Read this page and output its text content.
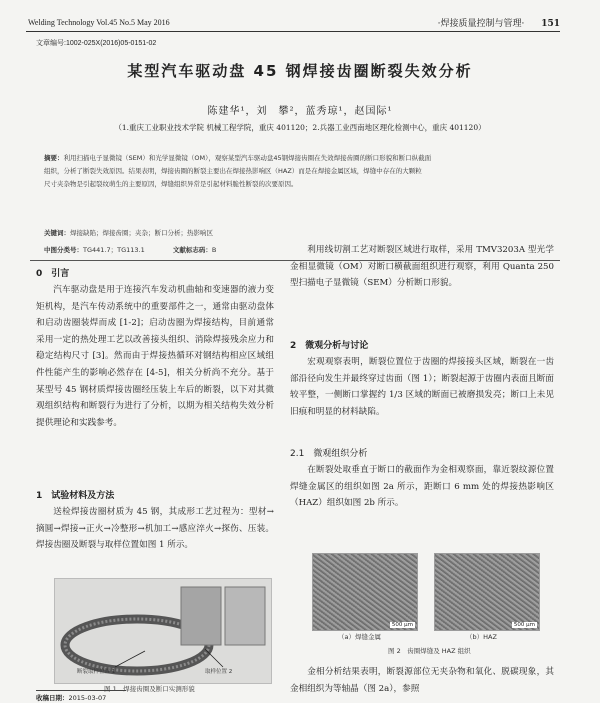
Welding Technology Vol.45 No.5 May 2016	·焊接质量控制与管理· 151
文章编号:1002-025X(2016)05-0151-02
某型汽车驱动盘 45 钢焊接齿圈断裂失效分析
陈建华¹，刘　攀²，蓝秀琼¹，赵国际¹
（1.重庆工业职业技术学院 机械工程学院，重庆 401120；2.兵器工业西南地区理化检测中心，重庆 401120）
摘要：利用扫描电子显微镜（SEM）和光学显微镜（OM），观察某型汽车驱动盘45钢焊接齿圈在失效焊接齿圈的断口形貌和断口纵截面
组织，分析了断裂失效原因。结果表明，焊接齿圈的断裂主要出在焊接热影响区（HAZ）而是在焊接金属区域，焊缝中存在的大颗粒
尺寸夹杂物是引起裂纹萌生的主要原因，焊缝组织异常是引起材料脆性断裂的次要原因。
关键词：焊接缺陷；焊接齿圈；夹杂；断口分析；热影响区
中图分类号：TG441.7；TG113.1	文献标志码：B
0　引言

汽车驱动盘是用于连接汽车发动机曲轴和变速器的液力变矩机构，是汽车传动系统中的重要部件之一，通常由驱动盘体和启动齿圈装焊而成 [1-2]；启动齿圈为焊接结构，目前通常采用一定的热处理工艺以改善接头组织、消除焊接残余应力和稳定结构尺寸 [3]。然而由于焊接热循环对钢结构相应区域组件性能产生的影响必然存在 [4-5]，相关分析尚不充分。基于某型号 45 钢材质焊接齿圈经压装上车后的断裂，以下对其微观组织结构和断裂行为进行了分析，以期为相关结构失效分析提供理论和实践参考。

1　试验材料及方法

送检焊接齿圈材质为 45 钢，其成形工艺过程为：型材→摘圆→焊接→正火→冷整形→机加工→感应淬火→探伤、压装。焊接齿圈及断裂与取样位置如图 1 所示。

断裂取样位置 1	取样位置 2
图 1　焊接齿圈及断口实测形貌
收稿日期：2015-03-07

利用线切割工艺对断裂区域进行取样，采用 TMV3203A 型光学金相显微镜（OM）对断口横截面组织进行观察，利用 Quanta 250 型扫描电子显微镜（SEM）分析断口形貌。

2　微观分析与讨论

宏观观察表明，断裂位置位于齿圈的焊接接头区域，断裂在一齿部沿径向发生并最终穿过齿面（图 1）；断裂起源于齿圈内表面且断面较平整，一侧断口掌握约 1/3 区域的断面已被磨损发亮；断口上未见旧痕和明显的材料缺陷。

2.1　微观组织分析

在断裂处取垂直于断口的截面作为金相观察面，靠近裂纹源位置焊缝金属区的组织如图 2a 所示，距断口 6 mm 处的焊接热影响区（HAZ）组织如图 2b 所示。

500 μm	500 μm
（a）焊缝金属	（b）HAZ
图 2　齿圈焊缝及 HAZ 组织

金相分析结果表明，断裂源部位无夹杂物和氧化、脱碳现象，其金相组织为等轴晶（图 2a），参照
